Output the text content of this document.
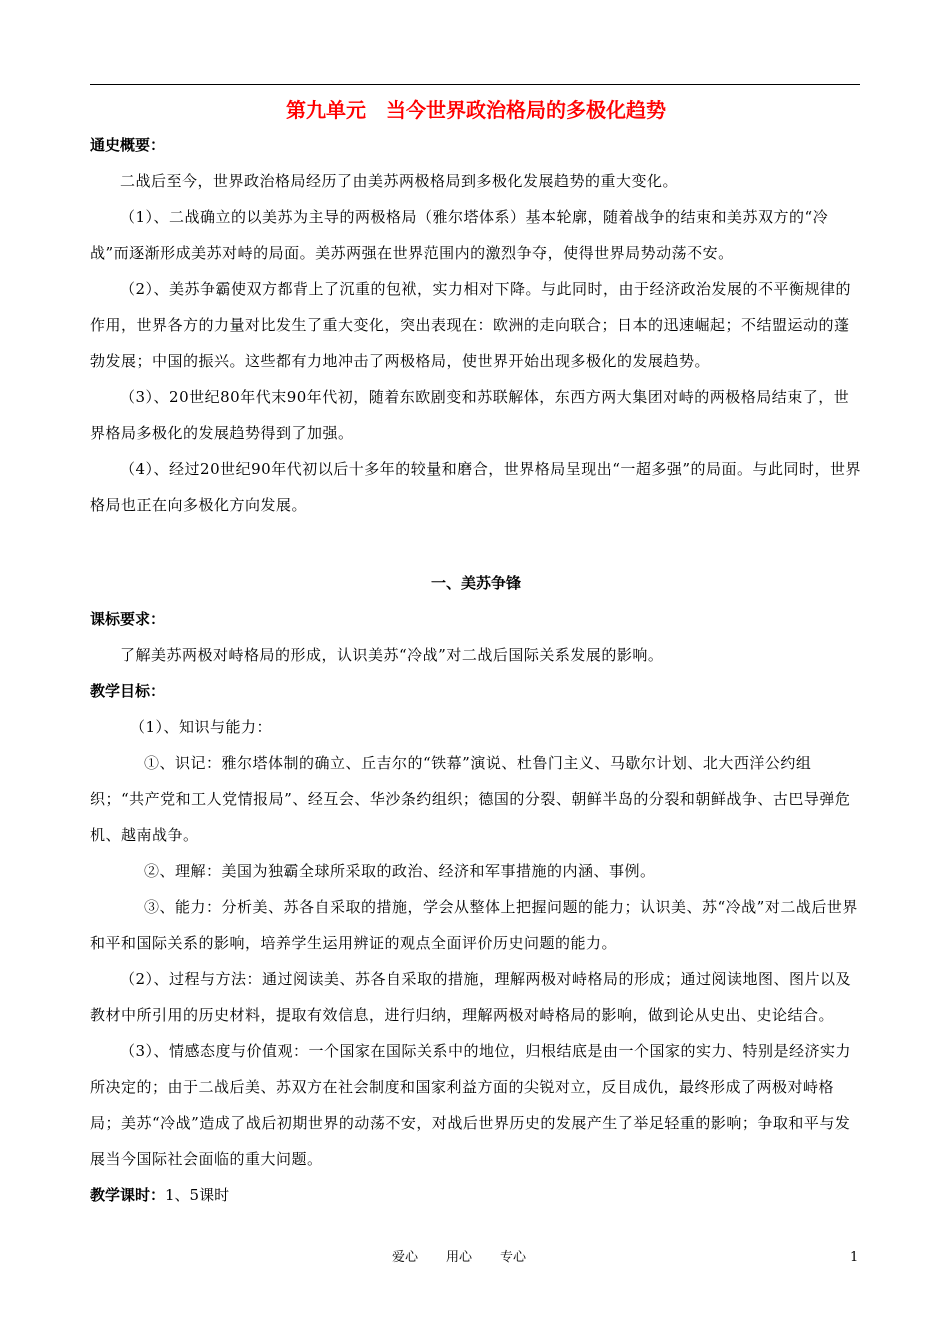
第九单元　当今世界政治格局的多极化趋势
通史概要：

二战后至今，世界政治格局经历了由美苏两极格局到多极化发展趋势的重大变化。

（1）、二战确立的以美苏为主导的两极格局（雅尔塔体系）基本轮廓，随着战争的结束和美苏双方的“冷战”而逐渐形成美苏对峙的局面。美苏两强在世界范围内的激烈争夺，使得世界局势动荡不安。

（2）、美苏争霸使双方都背上了沉重的包袱，实力相对下降。与此同时，由于经济政治发展的不平衡规律的作用，世界各方的力量对比发生了重大变化，突出表现在：欧洲的走向联合；日本的迅速崛起；不结盟运动的蓬勃发展；中国的振兴。这些都有力地冲击了两极格局，使世界开始出现多极化的发展趋势。

（3）、20世纪80年代末90年代初，随着东欧剧变和苏联解体，东西方两大集团对峙的两极格局结束了，世界格局多极化的发展趋势得到了加强。

（4）、经过20世纪90年代初以后十多年的较量和磨合，世界格局呈现出“一超多强”的局面。与此同时，世界格局也正在向多极化方向发展。

一、美苏争锋
课标要求：

了解美苏两极对峙格局的形成，认识美苏“冷战”对二战后国际关系发展的影响。

教学目标：

（1）、知识与能力：

①、识记：雅尔塔体制的确立、丘吉尔的“铁幕”演说、杜鲁门主义、马歇尔计划、北大西洋公约组织；“共产党和工人党情报局”、经互会、华沙条约组织；德国的分裂、朝鲜半岛的分裂和朝鲜战争、古巴导弹危机、越南战争。

②、理解：美国为独霸全球所采取的政治、经济和军事措施的内涵、事例。

③、能力：分析美、苏各自采取的措施，学会从整体上把握问题的能力；认识美、苏“冷战”对二战后世界和平和国际关系的影响，培养学生运用辨证的观点全面评价历史问题的能力。

（2）、过程与方法：通过阅读美、苏各自采取的措施，理解两极对峙格局的形成；通过阅读地图、图片以及教材中所引用的历史材料，提取有效信息，进行归纳，理解两极对峙格局的影响，做到论从史出、史论结合。

（3）、情感态度与价值观：一个国家在国际关系中的地位，归根结底是由一个国家的实力、特别是经济实力所决定的；由于二战后美、苏双方在社会制度和国家利益方面的尖锐对立，反目成仇，最终形成了两极对峙格局；美苏“冷战”造成了战后初期世界的动荡不安，对战后世界历史的发展产生了举足轻重的影响；争取和平与发展当今国际社会面临的重大问题。

教学课时：1、5课时

爱心 用心 专心	1
